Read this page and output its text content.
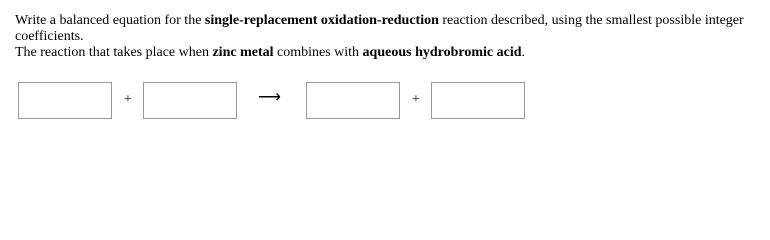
Write a balanced equation for the single-replacement oxidation-reduction reaction described, using the smallest possible integer coefficients.

The reaction that takes place when zinc metal combines with aqueous hydrobromic acid.

+	⟶	+
